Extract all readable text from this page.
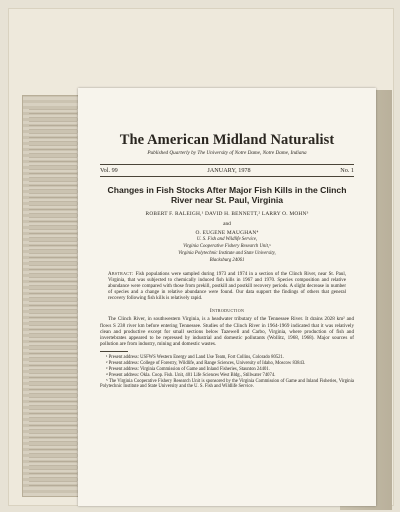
The American Midland Naturalist
Published Quarterly by The University of Notre Dame, Notre Dame, Indiana
Vol. 99	JANUARY, 1978	No. 1
Changes in Fish Stocks After Major Fish Kills in the Clinch River near St. Paul, Virginia
ROBERT F. RALEIGH,¹ DAVID H. BENNETT,² LARRY O. MOHN³
and
O. EUGENE MAUGHAN⁴
U. S. Fish and Wildlife Service,
Virginia Cooperative Fishery Research Unit,⁵
Virginia Polytechnic Institute and State University,
Blacksburg 24061

Abstract: Fish populations were sampled during 1973 and 1974 in a section of the Clinch River, near St. Paul, Virginia, that was subjected to chemically induced fish kills in 1967 and 1970. Species composition and relative abundance were compared with those from prekill, postkill and postkill recovery periods. A slight decrease in number of species and a change in relative abundance were found. Our data support the findings of others that general recovery following fish kills is relatively rapid.

Introduction

The Clinch River, in southwestern Virginia, is a headwater tributary of the Tennessee River. It drains 2028 km² and flows S 238 river km before entering Tennessee. Studies of the Clinch River in 1964-1969 indicated that it was relatively clean and productive except for small sections below Tazewell and Carbo, Virginia, where production of fish and invertebrates appeared to be repressed by industrial and domestic pollutants (Wollitz, 1968, 1968). Major sources of pollution are from industry, mining and domestic wastes.

¹ Present address: USFWS Western Energy and Land Use Team, Fort Collins, Colorado 80521.

² Present address: College of Forestry, Wildlife, and Range Sciences, University of Idaho, Moscow 83843.

³ Present address: Virginia Commission of Game and Inland Fisheries, Staunton 24401.

⁴ Present address: Okla. Coop. Fish. Unit, 401 Life Sciences West Bldg., Stillwater 74074.

⁵ The Virginia Cooperative Fishery Research Unit is sponsored by the Virginia Commission of Game and Inland Fisheries, Virginia Polytechnic Institute and State University and the U. S. Fish and Wildlife Service.
